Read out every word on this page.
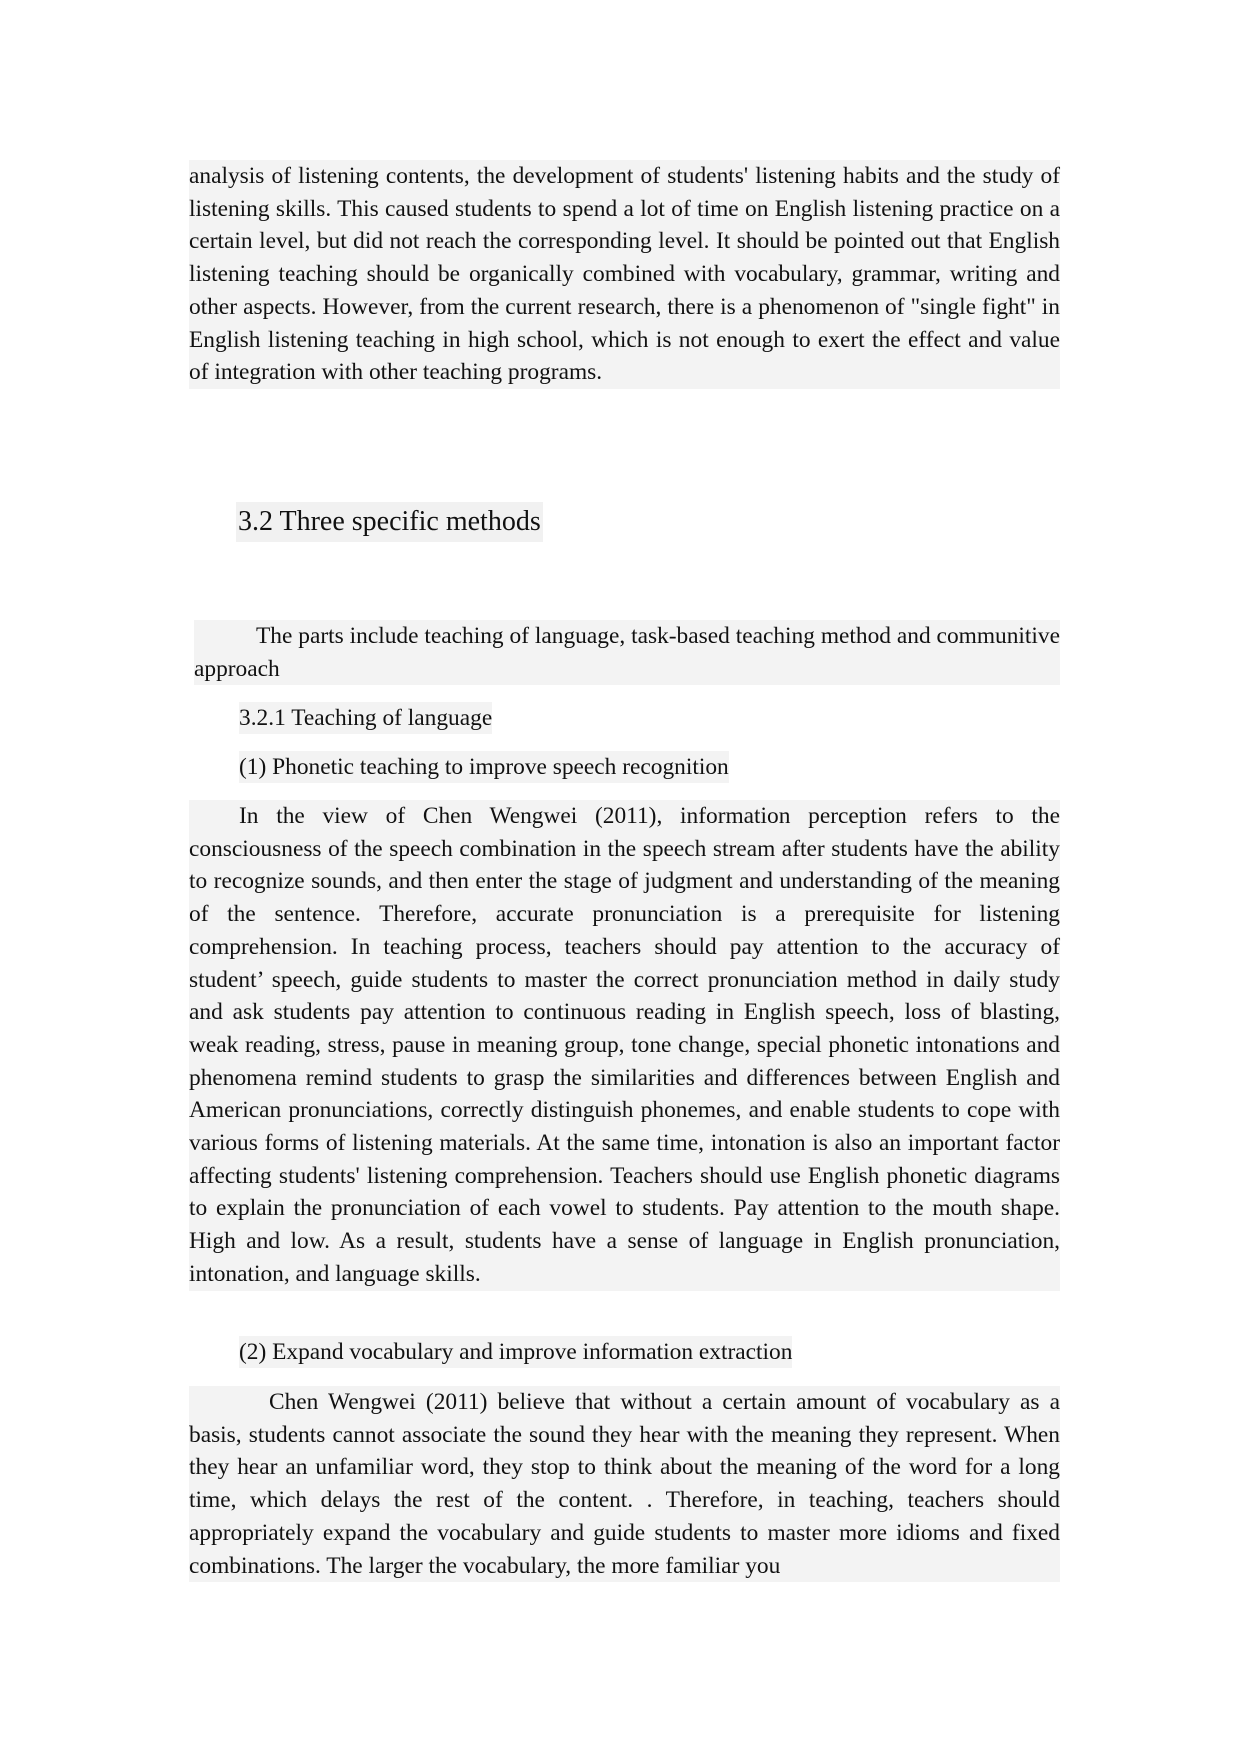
analysis of listening contents, the development of students' listening habits and the study of listening skills. This caused students to spend a lot of time on English listening practice on a certain level, but did not reach the corresponding level. It should be pointed out that English listening teaching should be organically combined with vocabulary, grammar, writing and other aspects. However, from the current research, there is a phenomenon of "single fight" in English listening teaching in high school, which is not enough to exert the effect and value of integration with other teaching programs.

3.2 Three specific methods

The parts include teaching of language, task-based teaching method and communitive approach

3.2.1 Teaching of language

(1) Phonetic teaching to improve speech recognition

In the view of Chen Wengwei (2011), information perception refers to the consciousness of the speech combination in the speech stream after students have the ability to recognize sounds, and then enter the stage of judgment and understanding of the meaning of the sentence. Therefore, accurate pronunciation is a prerequisite for listening comprehension. In teaching process, teachers should pay attention to the accuracy of student’ speech, guide students to master the correct pronunciation method in daily study and ask students pay attention to continuous reading in English speech, loss of blasting, weak reading, stress, pause in meaning group, tone change, special phonetic intonations and phenomena remind students to grasp the similarities and differences between English and American pronunciations, correctly distinguish phonemes, and enable students to cope with various forms of listening materials. At the same time, intonation is also an important factor affecting students' listening comprehension. Teachers should use English phonetic diagrams to explain the pronunciation of each vowel to students. Pay attention to the mouth shape. High and low. As a result, students have a sense of language in English pronunciation, intonation, and language skills.

(2) Expand vocabulary and improve information extraction

Chen Wengwei (2011) believe that without a certain amount of vocabulary as a basis, students cannot associate the sound they hear with the meaning they represent. When they hear an unfamiliar word, they stop to think about the meaning of the word for a long time, which delays the rest of the content. . Therefore, in teaching, teachers should appropriately expand the vocabulary and guide students to master more idioms and fixed combinations. The larger the vocabulary, the more familiar you
